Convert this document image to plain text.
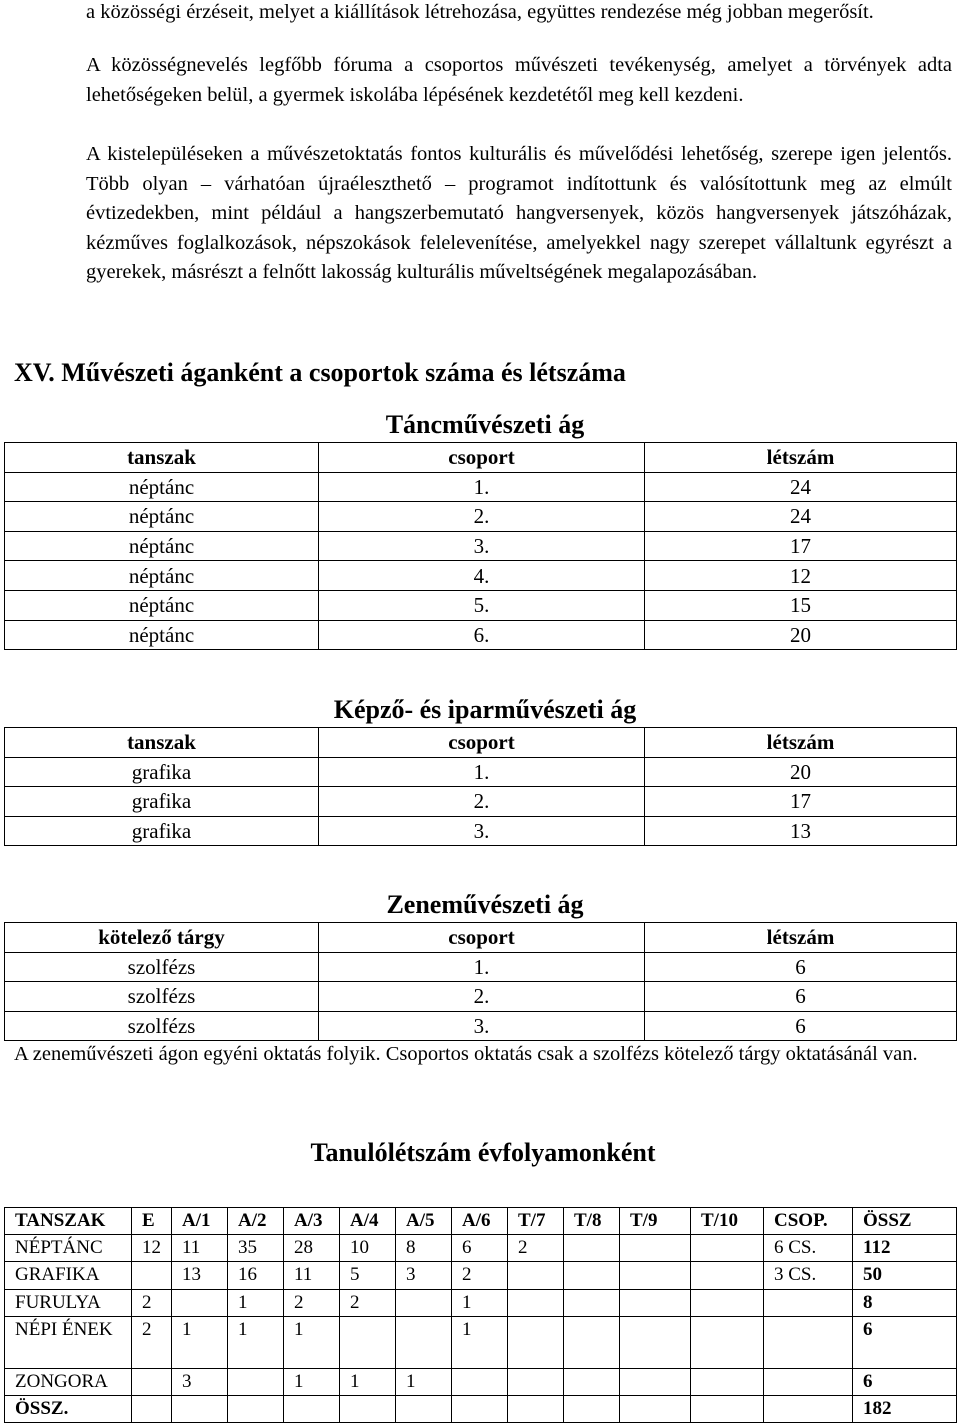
a közösségi érzéseit, melyet a kiállítások létrehozása, együttes rendezése még jobban megerősít.
A közösségnevelés legfőbb fóruma a csoportos művészeti tevékenység, amelyet a törvények adta lehetőségeken belül, a gyermek iskolába lépésének kezdetétől meg kell kezdeni.
A kistelepüléseken a művészetoktatás fontos kulturális és művelődési lehetőség, szerepe igen jelentős. Több olyan – várhatóan újraéleszthető – programot indítottunk és valósítottunk meg az elmúlt évtizedekben, mint például a hangszerbemutató hangversenyek, közös hangversenyek játszóházak, kézműves foglalkozások, népszokások felelevenítése, amelyekkel nagy szerepet vállaltunk egyrészt a gyerekek, másrészt a felnőtt lakosság kulturális műveltségének megalapozásában.
XV. Művészeti áganként a csoportok száma és létszáma
Táncművészeti ág
tanszak	csoport	létszám
néptánc	1.	24
néptánc	2.	24
néptánc	3.	17
néptánc	4.	12
néptánc	5.	15
néptánc	6.	20
Képző- és iparművészeti ág
tanszak	csoport	létszám
grafika	1.	20
grafika	2.	17
grafika	3.	13
Zeneművészeti ág
kötelező tárgy	csoport	létszám
szolfézs	1.	6
szolfézs	2.	6
szolfézs	3.	6
A zeneművészeti ágon egyéni oktatás folyik. Csoportos oktatás csak a szolfézs kötelező tárgy oktatásánál van.
Tanulólétszám évfolyamonként
TANSZAK	E	A/1	A/2	A/3	A/4	A/5	A/6	T/7	T/8	T/9	T/10	CSOP.	ÖSSZ
NÉPTÁNC	12	11	35	28	10	8	6	2				6 CS.	112
GRAFIKA		13	16	11	5	3	2					3 CS.	50
FURULYA	2		1	2	2		1						8
NÉPI ÉNEK	2	1	1	1			1						6
ZONGORA		3		1	1	1							6
ÖSSZ.													182
